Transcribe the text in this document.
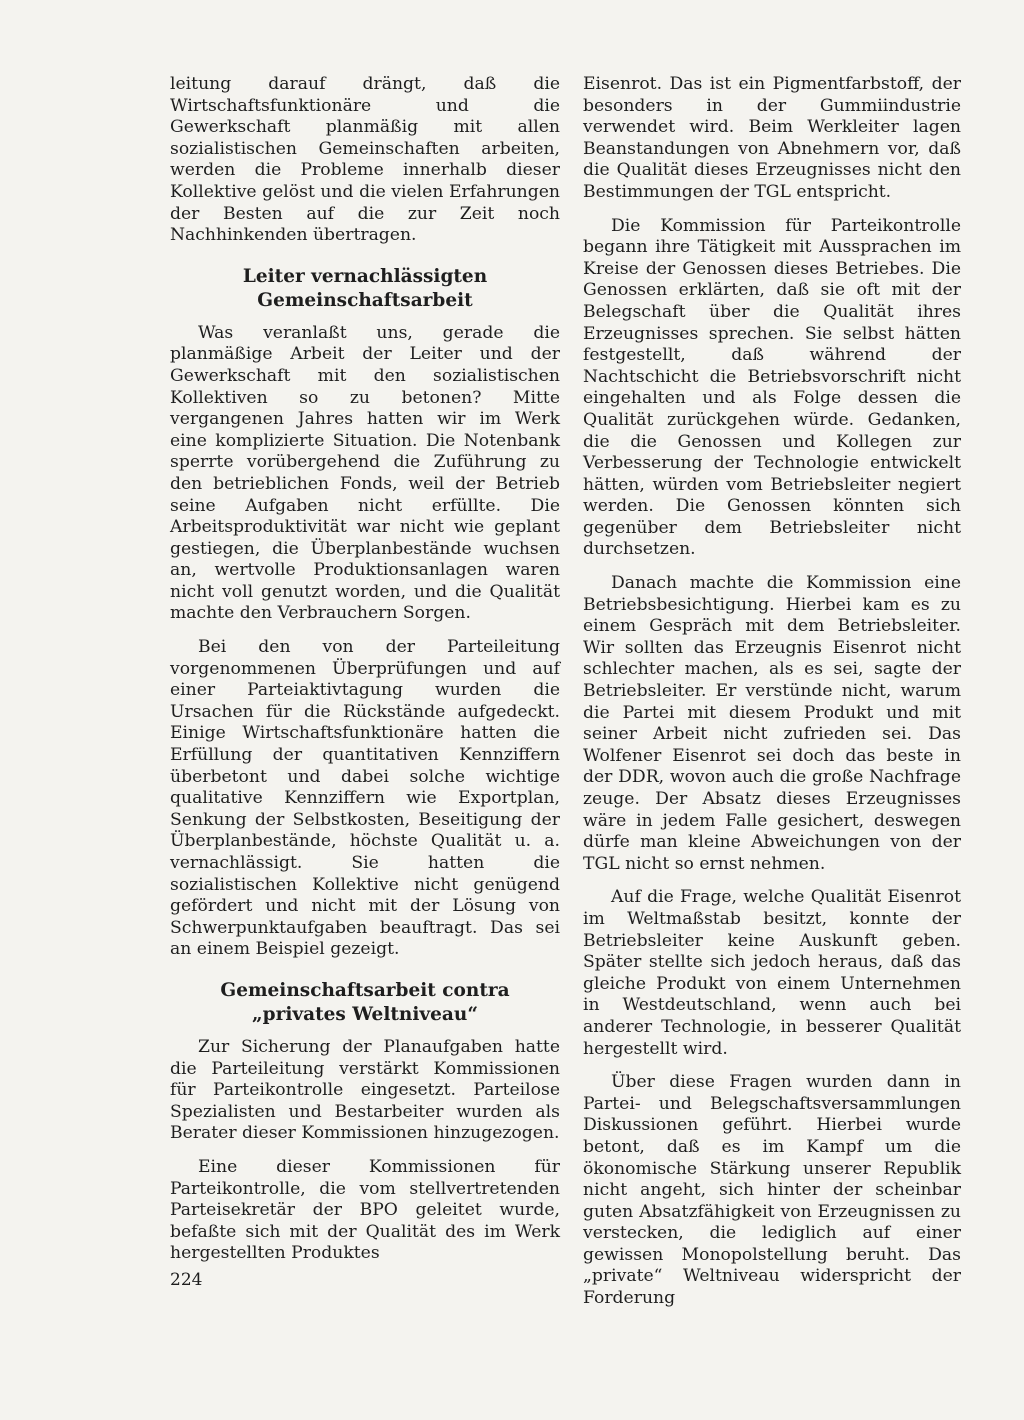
leitung darauf drängt, daß die Wirtschaftsfunktionäre und die Gewerkschaft planmäßig mit allen sozialistischen Gemeinschaften arbeiten, werden die Probleme innerhalb dieser Kollektive gelöst und die vielen Erfahrungen der Besten auf die zur Zeit noch Nachhinkenden übertragen.

Leiter vernachlässigten
Gemeinschaftsarbeit

Was veranlaßt uns, gerade die planmäßige Arbeit der Leiter und der Gewerkschaft mit den sozialistischen Kollektiven so zu betonen? Mitte vergangenen Jahres hatten wir im Werk eine komplizierte Situation. Die Notenbank sperrte vorübergehend die Zuführung zu den betrieblichen Fonds, weil der Betrieb seine Aufgaben nicht erfüllte. Die Arbeitsproduktivität war nicht wie geplant gestiegen, die Überplanbestände wuchsen an, wertvolle Produktionsanlagen waren nicht voll genutzt worden, und die Qualität machte den Verbrauchern Sorgen.

Bei den von der Parteileitung vorgenommenen Überprüfungen und auf einer Parteiaktivtagung wurden die Ursachen für die Rückstände aufgedeckt. Einige Wirtschaftsfunktionäre hatten die Erfüllung der quantitativen Kennziffern überbetont und dabei solche wichtige qualitative Kennziffern wie Exportplan, Senkung der Selbstkosten, Beseitigung der Überplanbestände, höchste Qualität u. a. vernachlässigt. Sie hatten die sozialistischen Kollektive nicht genügend gefördert und nicht mit der Lösung von Schwerpunktaufgaben beauftragt. Das sei an einem Beispiel gezeigt.

Gemeinschaftsarbeit contra
„privates Weltniveau“

Zur Sicherung der Planaufgaben hatte die Parteileitung verstärkt Kommissionen für Parteikontrolle eingesetzt. Parteilose Spezialisten und Bestarbeiter wurden als Berater dieser Kommissionen hinzugezogen.

Eine dieser Kommissionen für Parteikontrolle, die vom stellvertretenden Parteisekretär der BPO geleitet wurde, befaßte sich mit der Qualität des im Werk hergestellten Produktes

Eisenrot. Das ist ein Pigmentfarbstoff, der besonders in der Gummiindustrie verwendet wird. Beim Werkleiter lagen Beanstandungen von Abnehmern vor, daß die Qualität dieses Erzeugnisses nicht den Bestimmungen der TGL entspricht.

Die Kommission für Parteikontrolle begann ihre Tätigkeit mit Aussprachen im Kreise der Genossen dieses Betriebes. Die Genossen erklärten, daß sie oft mit der Belegschaft über die Qualität ihres Erzeugnisses sprechen. Sie selbst hätten festgestellt, daß während der Nachtschicht die Betriebsvorschrift nicht eingehalten und als Folge dessen die Qualität zurückgehen würde. Gedanken, die die Genossen und Kollegen zur Verbesserung der Technologie entwickelt hätten, würden vom Betriebsleiter negiert werden. Die Genossen könnten sich gegenüber dem Betriebsleiter nicht durchsetzen.

Danach machte die Kommission eine Betriebsbesichtigung. Hierbei kam es zu einem Gespräch mit dem Betriebsleiter. Wir sollten das Erzeugnis Eisenrot nicht schlechter machen, als es sei, sagte der Betriebsleiter. Er verstünde nicht, warum die Partei mit diesem Produkt und mit seiner Arbeit nicht zufrieden sei. Das Wolfener Eisenrot sei doch das beste in der DDR, wovon auch die große Nachfrage zeuge. Der Absatz dieses Erzeugnisses wäre in jedem Falle gesichert, deswegen dürfe man kleine Abweichungen von der TGL nicht so ernst nehmen.

Auf die Frage, welche Qualität Eisenrot im Weltmaßstab besitzt, konnte der Betriebsleiter keine Auskunft geben. Später stellte sich jedoch heraus, daß das gleiche Produkt von einem Unternehmen in Westdeutschland, wenn auch bei anderer Technologie, in besserer Qualität hergestellt wird.

Über diese Fragen wurden dann in Partei- und Belegschaftsversammlungen Diskussionen geführt. Hierbei wurde betont, daß es im Kampf um die ökonomische Stärkung unserer Republik nicht angeht, sich hinter der scheinbar guten Absatzfähigkeit von Erzeugnissen zu verstecken, die lediglich auf einer gewissen Monopolstellung beruht. Das „private“ Weltniveau widerspricht der Forderung

224
